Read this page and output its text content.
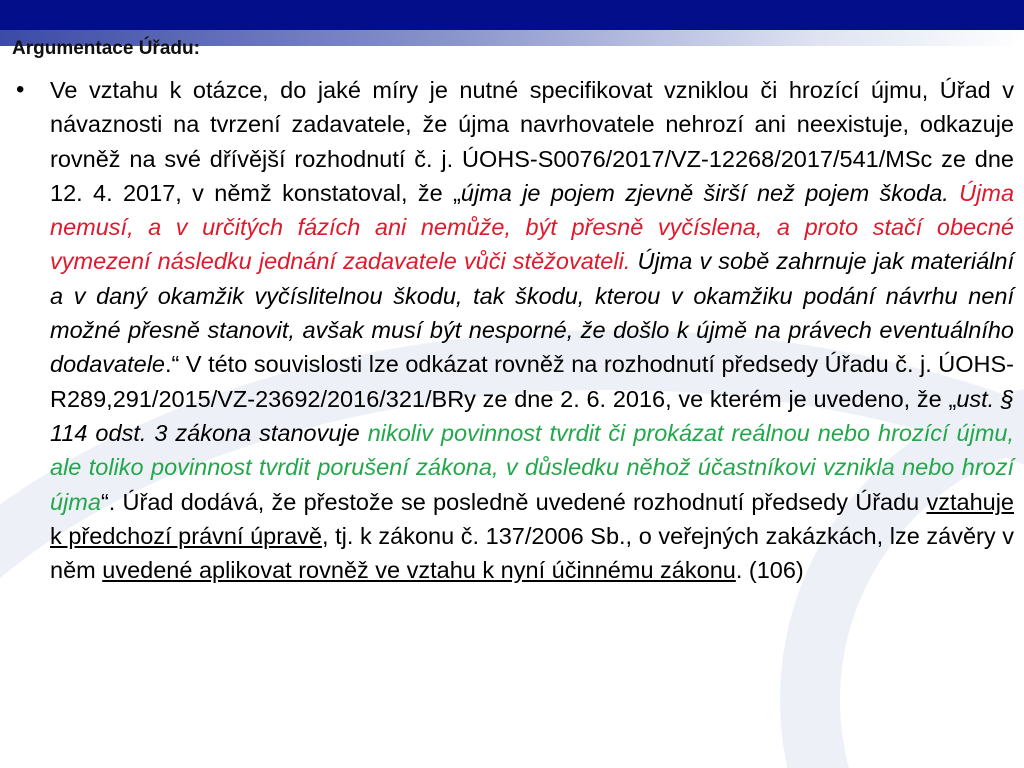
Argumentace Úřadu:
• Ve vztahu k otázce, do jaké míry je nutné specifikovat vzniklou či hrozící újmu, Úřad v návaznosti na tvrzení zadavatele, že újma navrhovatele nehrozí ani neexistuje, odkazuje rovněž na své dřívější rozhodnutí č. j. ÚOHS-S0076/2017/VZ-12268/2017/541/MSc ze dne 12. 4. 2017, v němž konstatoval, že „újma je pojem zjevně širší než pojem škoda. Újma nemusí, a v určitých fázích ani nemůže, být přesně vyčíslena, a proto stačí obecné vymezení následku jednání zadavatele vůči stěžovateli. Újma v sobě zahrnuje jak materiální a v daný okamžik vyčíslitelnou škodu, tak škodu, kterou v okamžiku podání návrhu není možné přesně stanovit, avšak musí být nesporné, že došlo k újmě na právech eventuálního dodavatele.“ V této souvislosti lze odkázat rovněž na rozhodnutí předsedy Úřadu č. j. ÚOHS-R289,291/2015/VZ-23692/2016/321/BRy ze dne 2. 6. 2016, ve kterém je uvedeno, že „ust. § 114 odst. 3 zákona stanovuje nikoliv povinnost tvrdit či prokázat reálnou nebo hrozící újmu, ale toliko povinnost tvrdit porušení zákona, v důsledku něhož účastníkovi vznikla nebo hrozí újma“. Úřad dodává, že přestože se posledně uvedené rozhodnutí předsedy Úřadu vztahuje k předchozí právní úpravě, tj. k zákonu č. 137/2006 Sb., o veřejných zakázkách, lze závěry v něm uvedené aplikovat rovněž ve vztahu k nyní účinnému zákonu. (106)
